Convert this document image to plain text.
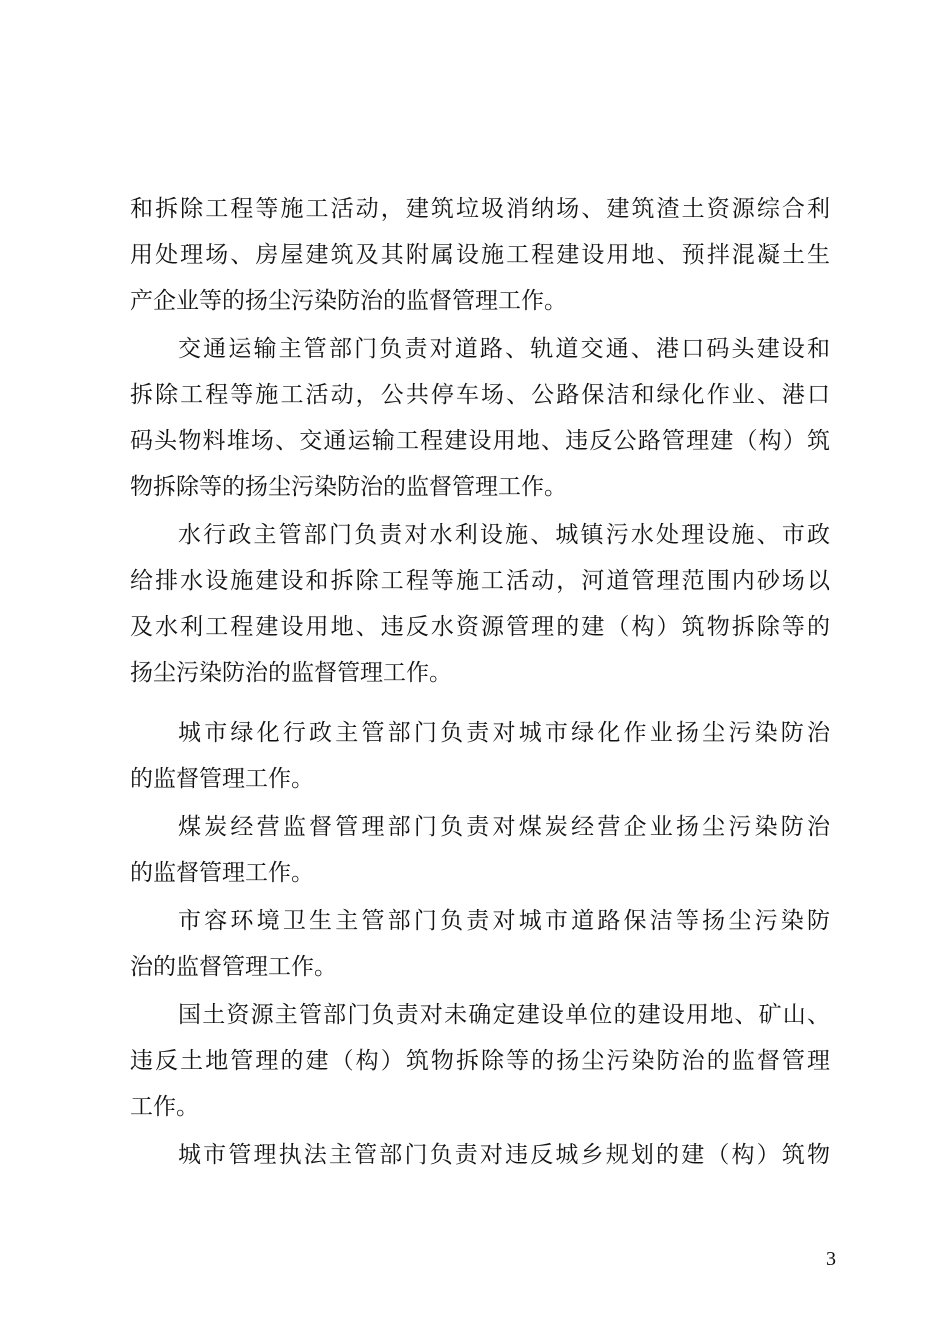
和拆除工程等施工活动，建筑垃圾消纳场、建筑渣土资源综合利
用处理场、房屋建筑及其附属设施工程建设用地、预拌混凝土生
产企业等的扬尘污染防治的监督管理工作。
交通运输主管部门负责对道路、轨道交通、港口码头建设和
拆除工程等施工活动，公共停车场、公路保洁和绿化作业、港口
码头物料堆场、交通运输工程建设用地、违反公路管理建（构）筑
物拆除等的扬尘污染防治的监督管理工作。
水行政主管部门负责对水利设施、城镇污水处理设施、市政
给排水设施建设和拆除工程等施工活动，河道管理范围内砂场以
及水利工程建设用地、违反水资源管理的建（构）筑物拆除等的
扬尘污染防治的监督管理工作。
城市绿化行政主管部门负责对城市绿化作业扬尘污染防治
的监督管理工作。
煤炭经营监督管理部门负责对煤炭经营企业扬尘污染防治
的监督管理工作。
市容环境卫生主管部门负责对城市道路保洁等扬尘污染防
治的监督管理工作。
国土资源主管部门负责对未确定建设单位的建设用地、矿山、
违反土地管理的建（构）筑物拆除等的扬尘污染防治的监督管理
工作。
城市管理执法主管部门负责对违反城乡规划的建（构）筑物
3
